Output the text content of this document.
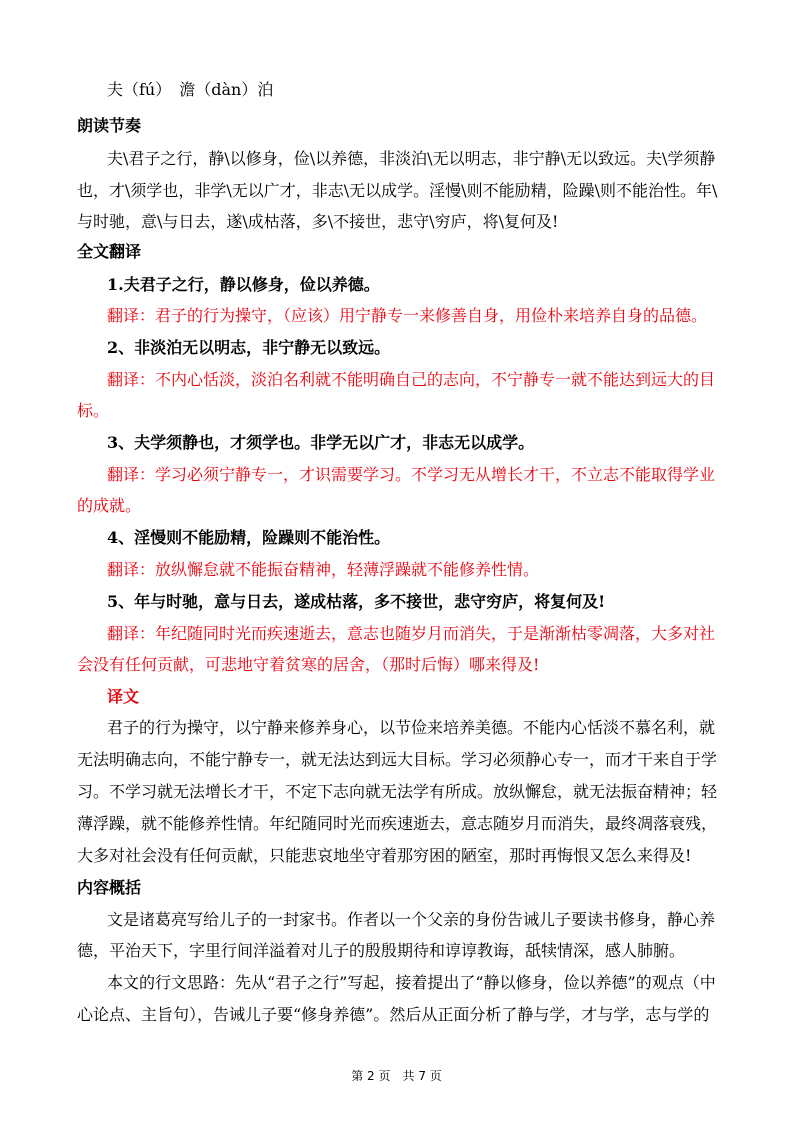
夫（fú）　澹（dàn）泊
朗读节奏
夫\君子之行，静\以修身，俭\以养德，非淡泊\无以明志，非宁静\无以致远。夫\学须静
也，才\须学也，非学\无以广才，非志\无以成学。淫慢\则不能励精，险躁\则不能治性。年\
与时驰，意\与日去，遂\成枯落，多\不接世，悲守\穷庐，将\复何及!
全文翻译
1.夫君子之行，静以修身，俭以养德。
翻译：君子的行为操守，（应该）用宁静专一来修善自身，用俭朴来培养自身的品德。
2、非淡泊无以明志，非宁静无以致远。
翻译：不内心恬淡，淡泊名利就不能明确自己的志向，不宁静专一就不能达到远大的目
标。
3、夫学须静也，才须学也。非学无以广才，非志无以成学。
翻译：学习必须宁静专一，才识需要学习。不学习无从增长才干，不立志不能取得学业
的成就。
4、淫慢则不能励精，险躁则不能治性。
翻译：放纵懈怠就不能振奋精神，轻薄浮躁就不能修养性情。
5、年与时驰，意与日去，遂成枯落，多不接世，悲守穷庐，将复何及!
翻译：年纪随同时光而疾速逝去，意志也随岁月而消失，于是渐渐枯零凋落，大多对社
会没有任何贡献，可悲地守着贫寒的居舍，（那时后悔）哪来得及!
译文
君子的行为操守，以宁静来修养身心，以节俭来培养美德。不能内心恬淡不慕名利，就
无法明确志向，不能宁静专一，就无法达到远大目标。学习必须静心专一，而才干来自于学
习。不学习就无法增长才干，不定下志向就无法学有所成。放纵懈怠，就无法振奋精神；轻
薄浮躁，就不能修养性情。年纪随同时光而疾速逝去，意志随岁月而消失，最终凋落衰残，
大多对社会没有任何贡献，只能悲哀地坐守着那穷困的陋室，那时再悔恨又怎么来得及!
内容概括
文是诸葛亮写给儿子的一封家书。作者以一个父亲的身份告诫儿子要读书修身，静心养
德，平治天下，字里行间洋溢着对儿子的殷殷期待和谆谆教诲，舐犊情深，感人肺腑。
本文的行文思路：先从“君子之行”写起，接着提出了“静以修身，俭以养德”的观点（中
心论点、主旨句），告诫儿子要“修身养德”。然后从正面分析了静与学，才与学，志与学的
第 2 页　共 7 页
